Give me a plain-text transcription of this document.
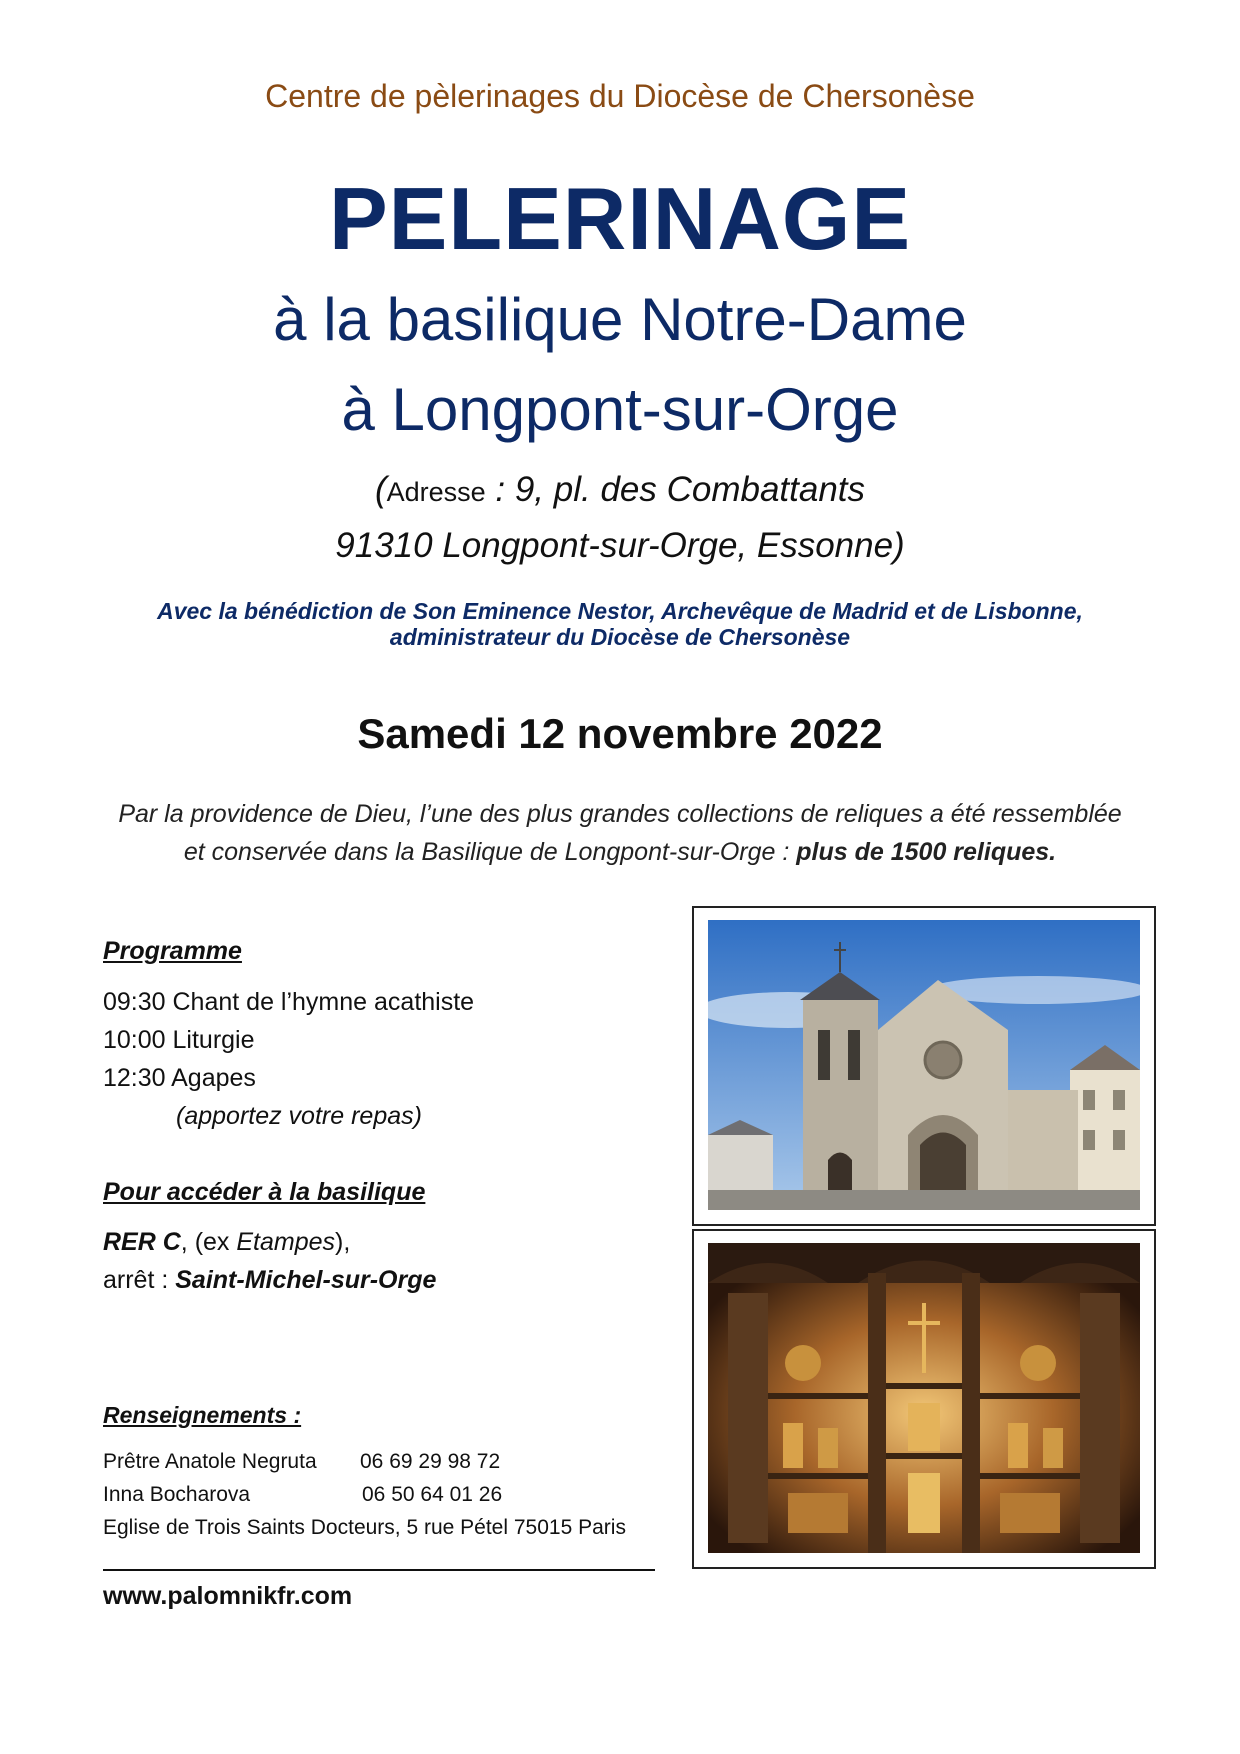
Centre de pèlerinages du Diocèse de Chersonèse
PELERINAGE
à la basilique Notre-Dame
à Longpont-sur-Orge
(Adresse : 9, pl. des Combattants
91310 Longpont-sur-Orge, Essonne)
Avec la bénédiction de Son Eminence Nestor, Archevêque de Madrid et de Lisbonne,
administrateur du Diocèse de Chersonèse
Samedi 12 novembre 2022
Par la providence de Dieu, l’une des plus grandes collections de reliques a été ressemblée
et conservée dans la Basilique de Longpont-sur-Orge : plus de 1500 reliques.
Programme
09:30 Chant de l’hymne acathiste
10:00 Liturgie
12:30 Agapes
(apportez votre repas)
Pour accéder à la basilique
RER C, (ex Etampes),
arrêt : Saint-Michel-sur-Orge
Renseignements :
Prêtre Anatole Negruta 06 69 29 98 72
Inna Bocharova	06 50 64 01 26
Eglise de Trois Saints Docteurs, 5 rue Pétel 75015 Paris
www.palomnikfr.com
